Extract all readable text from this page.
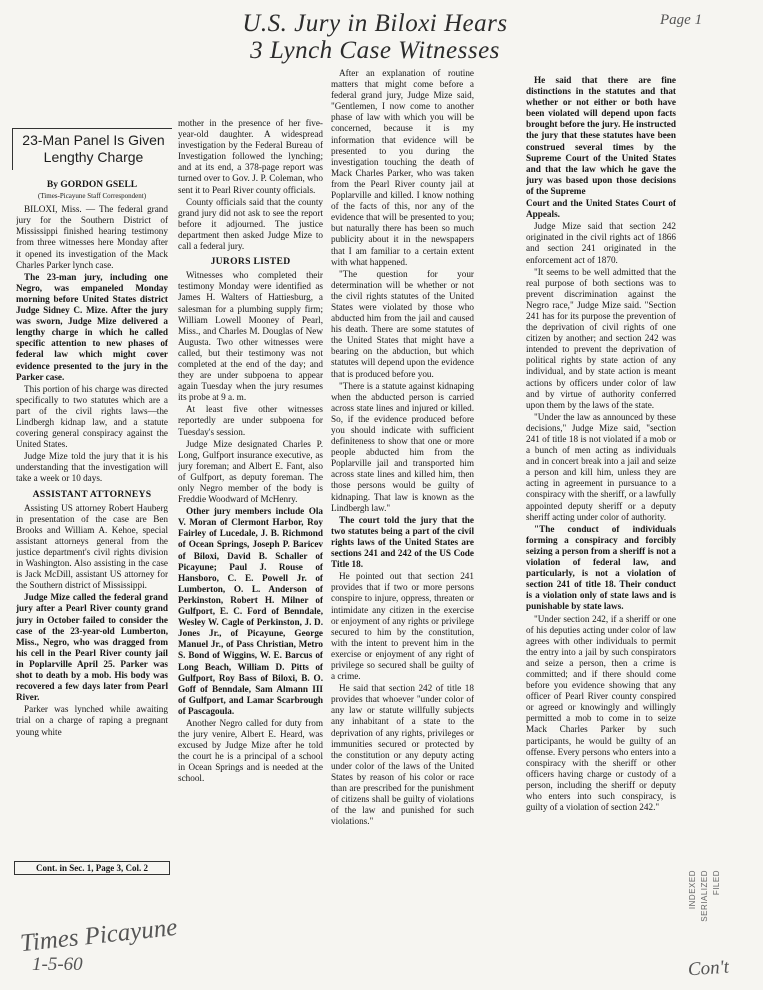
U.S. Jury in Biloxi Hears
3 Lynch Case Witnesses
Page 1
23-Man Panel Is Given
Lengthy Charge
By GORDON GSELL
(Times-Picayune Staff Correspondent)

BILOXI, Miss. — The federal grand jury for the Southern District of Mississippi finished hearing testimony from three witnesses here Monday after it opened its investigation of the Mack Charles Parker lynch case.

The 23-man jury, including one Negro, was empaneled Monday morning before United States district Judge Sidney C. Mize. After the jury was sworn, Judge Mize delivered a lengthy charge in which he called specific attention to new phases of federal law which might cover evidence presented to the jury in the Parker case.

This portion of his charge was directed specifically to two statutes which are a part of the civil rights laws—the Lindbergh kidnap law, and a statute covering general conspiracy against the United States.

Judge Mize told the jury that it is his understanding that the investigation will take a week or 10 days.

ASSISTANT ATTORNEYS

Assisting US attorney Robert Hauberg in presentation of the case are Ben Brooks and William A. Kehoe, special assistant attorneys general from the justice department's civil rights division in Washington. Also assisting in the case is Jack McDill, assistant US attorney for the Southern district of Mississippi.

Judge Mize called the federal grand jury after a Pearl River county grand jury in October failed to consider the case of the 23-year-old Lumberton, Miss., Negro, who was dragged from his cell in the Pearl River county jail in Poplarville April 25. Parker was shot to death by a mob. His body was recovered a few days later from Pearl River.

Parker was lynched while awaiting trial on a charge of raping a pregnant young white

Cont. in Sec. 1, Page 3, Col. 2

mother in the presence of her five-year-old daughter. A widespread investigation by the Federal Bureau of Investigation followed the lynching; and at its end, a 378-page report was turned over to Gov. J. P. Coleman, who sent it to Pearl River county officials.

County officials said that the county grand jury did not ask to see the report before it adjourned. The justice department then asked Judge Mize to call a federal jury.

JURORS LISTED

Witnesses who completed their testimony Monday were identified as James H. Walters of Hattiesburg, a salesman for a plumbing supply firm; William Lowell Mooney of Pearl, Miss., and Charles M. Douglas of New Augusta. Two other witnesses were called, but their testimony was not completed at the end of the day; and they are under subpoena to appear again Tuesday when the jury resumes its probe at 9 a. m.

At least five other witnesses reportedly are under subpoena for Tuesday's session.

Judge Mize designated Charles P. Long, Gulfport insurance executive, as jury foreman; and Albert E. Fant, also of Gulfport, as deputy foreman. The only Negro member of the body is Freddie Woodward of McHenry.

Other jury members include Ola V. Moran of Clermont Harbor, Roy Fairley of Lucedale, J. B. Richmond of Ocean Springs, Joseph P. Baricev of Biloxi, David B. Schaller of Picayune; Paul J. Rouse of Hansboro, C. E. Powell Jr. of Lumberton, O. L. Anderson of Perkinston, Robert H. Milner of Gulfport, E. C. Ford of Benndale, Wesley W. Cagle of Perkinston, J. D. Jones Jr., of Picayune, George Manuel Jr., of Pass Christian, Metro S. Bond of Wiggins, W. E. Barcus of Long Beach, William D. Pitts of Gulfport, Roy Bass of Biloxi, B. O. Goff of Benndale, Sam Almann III of Gulfport, and Lamar Scarbrough of Pascagoula.

Another Negro called for duty from the jury venire, Albert E. Heard, was excused by Judge Mize after he told the court he is a principal of a school in Ocean Springs and is needed at the school.

After an explanation of routine matters that might come before a federal grand jury, Judge Mize said, "Gentlemen, I now come to another phase of law with which you will be concerned, because it is my information that evidence will be presented to you during the investigation touching the death of Mack Charles Parker, who was taken from the Pearl River county jail at Poplarville and killed. I know nothing of the facts of this, nor any of the evidence that will be presented to you; but naturally there has been so much publicity about it in the newspapers that I am familiar to a certain extent with what happened.

"The question for your determination will be whether or not the civil rights statutes of the United States were violated by those who abducted him from the jail and caused his death. There are some statutes of the United States that might have a bearing on the abduction, but which statutes will depend upon the evidence that is produced before you.

"There is a statute against kidnaping when the abducted person is carried across state lines and injured or killed. So, if the evidence produced before you should indicate with sufficient definiteness to show that one or more people abducted him from the Poplarville jail and transported him across state lines and killed him, then those persons would be guilty of kidnaping. That law is known as the Lindbergh law."

The court told the jury that the two statutes being a part of the civil rights laws of the United States are sections 241 and 242 of the US Code Title 18.

He pointed out that section 241 provides that if two or more persons conspire to injure, oppress, threaten or intimidate any citizen in the exercise or enjoyment of any rights or privilege secured to him by the constitution, with the intent to prevent him in the exercise or enjoyment of any right of privilege so secured shall be guilty of a crime.

He said that section 242 of title 18 provides that whoever "under color of any law or statute willfully subjects any inhabitant of a state to the deprivation of any rights, privileges or immunities secured or protected by the constitution or any deputy acting under color of the laws of the United States by reason of his color or race than are prescribed for the punishment of citizens shall be guilty of violations of the law and punished for such violations."

He said that there are fine distinctions in the statutes and that whether or not either or both have been violated will depend upon facts brought before the jury. He instructed the jury that these statutes have been construed several times by the Supreme Court of the United States and that the law which he gave the jury was based upon those decisions of the Supreme

Court and the United States Court of Appeals.

Judge Mize said that section 242 originated in the civil rights act of 1866 and section 241 originated in the enforcement act of 1870.

"It seems to be well admitted that the real purpose of both sections was to prevent discrimination against the Negro race," Judge Mize said. "Section 241 has for its purpose the prevention of the deprivation of civil rights of one citizen by another; and section 242 was intended to prevent the deprivation of political rights by state action of any individual, and by state action is meant actions by officers under color of law and by virtue of authority conferred upon them by the laws of the state.

"Under the law as announced by these decisions," Judge Mize said, "section 241 of title 18 is not violated if a mob or a bunch of men acting as individuals and in concert break into a jail and seize a person and kill him, unless they are acting in agreement in pursuance to a conspiracy with the sheriff, or a lawfully appointed deputy sheriff or a deputy sheriff acting under color of authority.

"The conduct of individuals forming a conspiracy and forcibly seizing a person from a sheriff is not a violation of federal law, and particularly, is not a violation of section 241 of title 18. Their conduct is a violation only of state laws and is punishable by state laws.

"Under section 242, if a sheriff or one of his deputies acting under color of law agrees with other individuals to permit the entry into a jail by such conspirators and seize a person, then a crime is committed; and if there should come before you evidence showing that any officer of Pearl River county conspired or agreed or knowingly and willingly permitted a mob to come in to seize Mack Charles Parker by such participants, he would be guilty of an offense. Every persons who enters into a conspiracy with the sheriff or other officers having charge or custody of a person, including the sheriff or deputy who enters into such conspiracy, is guilty of a violation of section 242."

Times Picayune
1-5-60
INDEXED SERIALIZED FILED
Con't
